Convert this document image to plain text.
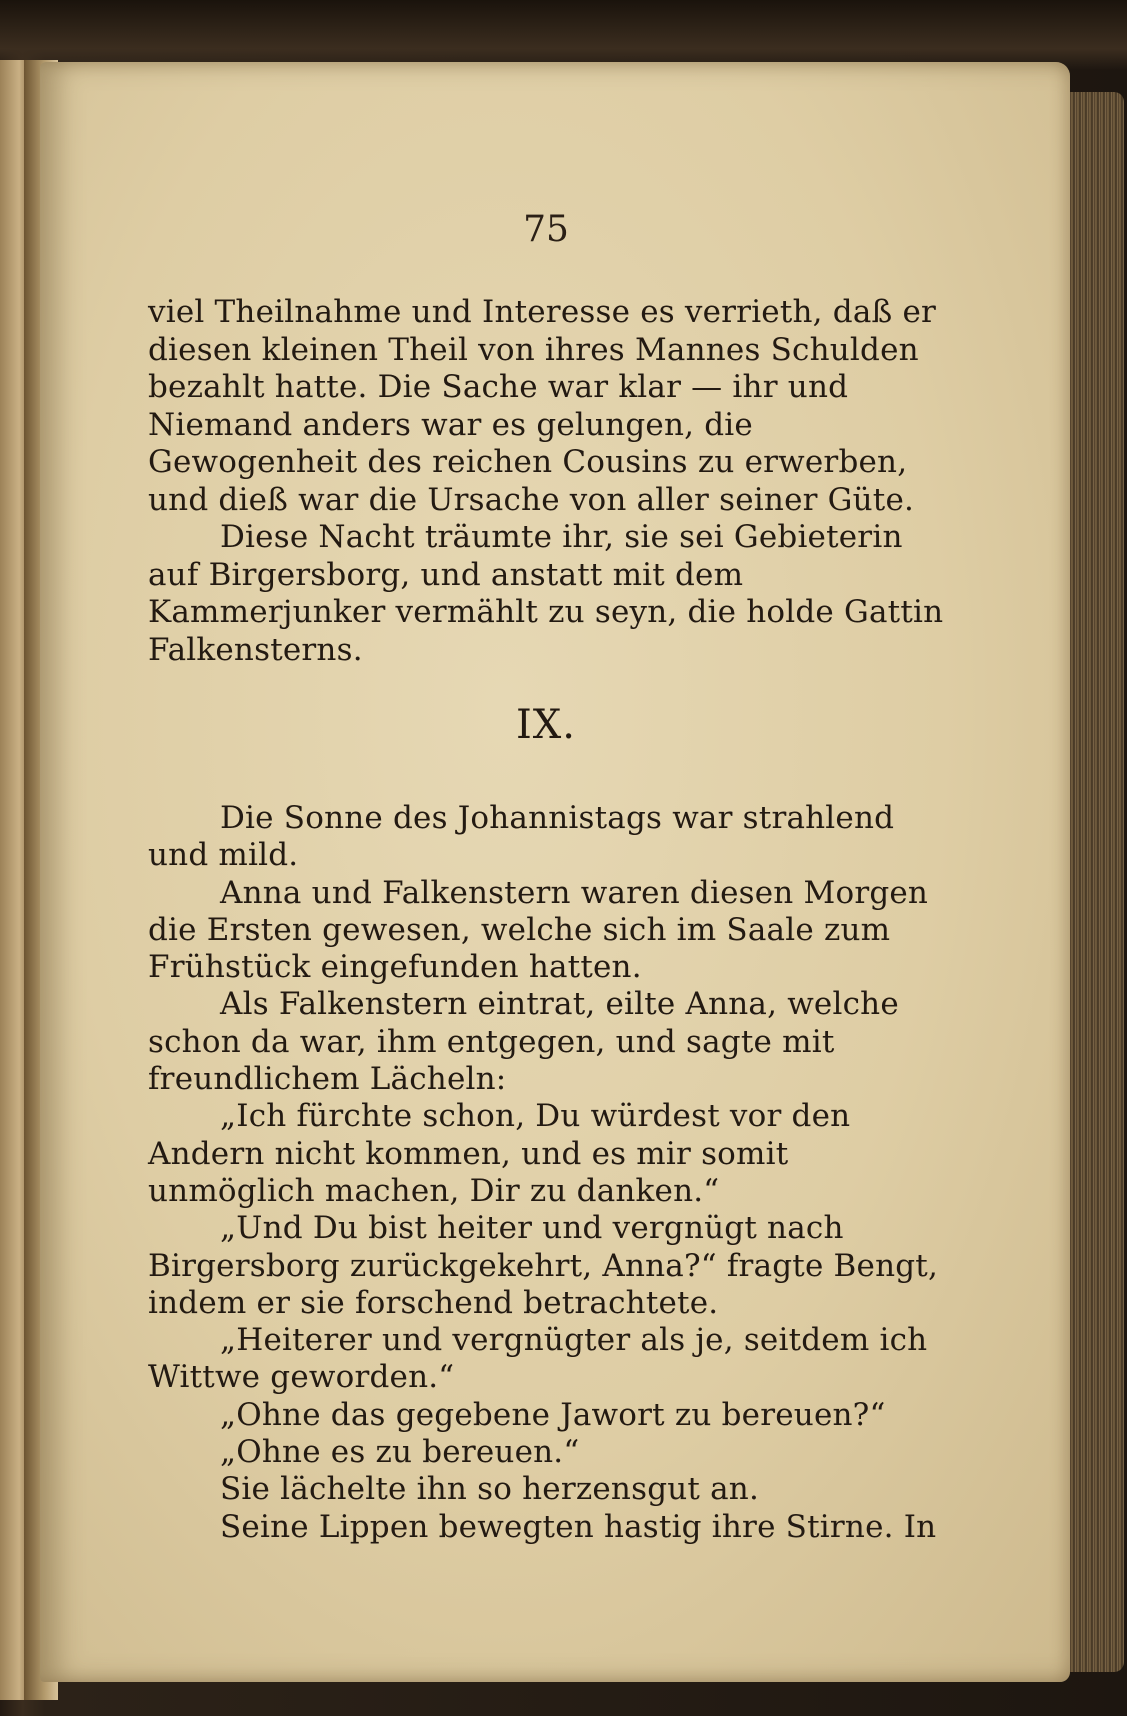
75

viel Theilnahme und Interesse es verrieth, daß er diesen kleinen Theil von ihres Mannes Schulden bezahlt hatte. Die Sache war klar — ihr und Niemand anders war es gelungen, die Gewogenheit des reichen Cousins zu erwerben, und dieß war die Ursache von aller seiner Güte.

Diese Nacht träumte ihr, sie sei Gebieterin auf Birgersborg, und anstatt mit dem Kammerjunker vermählt zu seyn, die holde Gattin Falkensterns.

IX.

Die Sonne des Johannistags war strahlend und mild.

Anna und Falkenstern waren diesen Morgen die Ersten gewesen, welche sich im Saale zum Frühstück eingefunden hatten.

Als Falkenstern eintrat, eilte Anna, welche schon da war, ihm entgegen, und sagte mit freundlichem Lächeln:

„Ich fürchte schon, Du würdest vor den Andern nicht kommen, und es mir somit unmöglich machen, Dir zu danken.“

„Und Du bist heiter und vergnügt nach Birgersborg zurückgekehrt, Anna?“ fragte Bengt, indem er sie forschend betrachtete.

„Heiterer und vergnügter als je, seitdem ich Wittwe geworden.“

„Ohne das gegebene Jawort zu bereuen?“

„Ohne es zu bereuen.“

Sie lächelte ihn so herzensgut an.

Seine Lippen bewegten hastig ihre Stirne. In
